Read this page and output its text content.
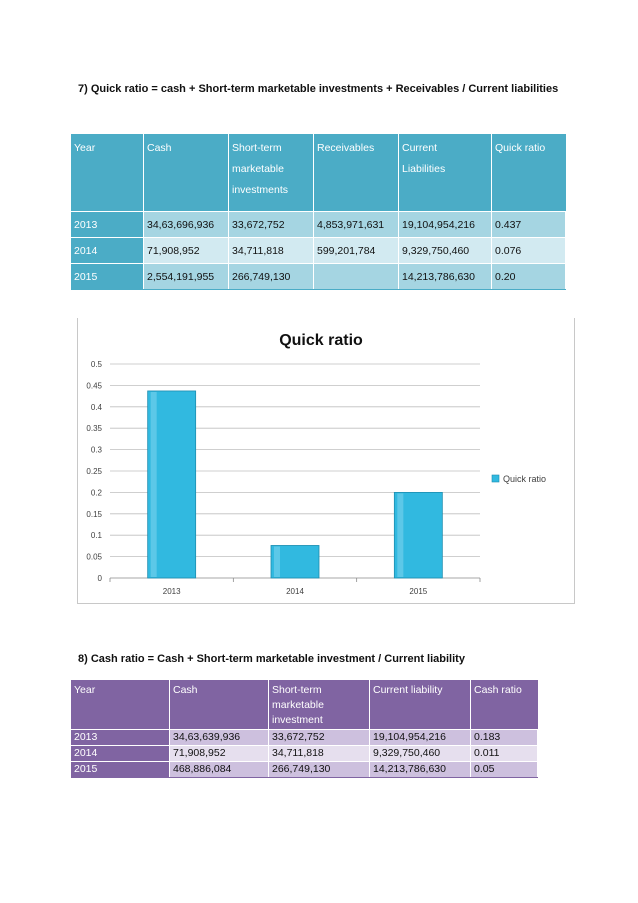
7) Quick ratio = cash + Short-term marketable investments + Receivables / Current liabilities
Year	Cash	Short-term marketable investments	Receivables	Current Liabilities	Quick ratio
2013	34,63,696,936	33,672,752	4,853,971,631	19,104,954,216	0.437
2014	71,908,952	34,711,818	599,201,784	9,329,750,460	0.076
2015	2,554,191,955	266,749,130		14,213,786,630	0.20
Quick ratio
0
0.05
0.1
0.15
0.2
0.25
0.3
0.35
0.4
0.45
0.5
2013	2014	2015
Quick ratio
8) Cash ratio = Cash + Short-term marketable investment / Current liability
Year	Cash	Short-term marketable investment	Current liability	Cash ratio
2013	34,63,639,936	33,672,752	19,104,954,216	0.183
2014	71,908,952	34,711,818	9,329,750,460	0.011
2015	468,886,084	266,749,130	14,213,786,630	0.05
